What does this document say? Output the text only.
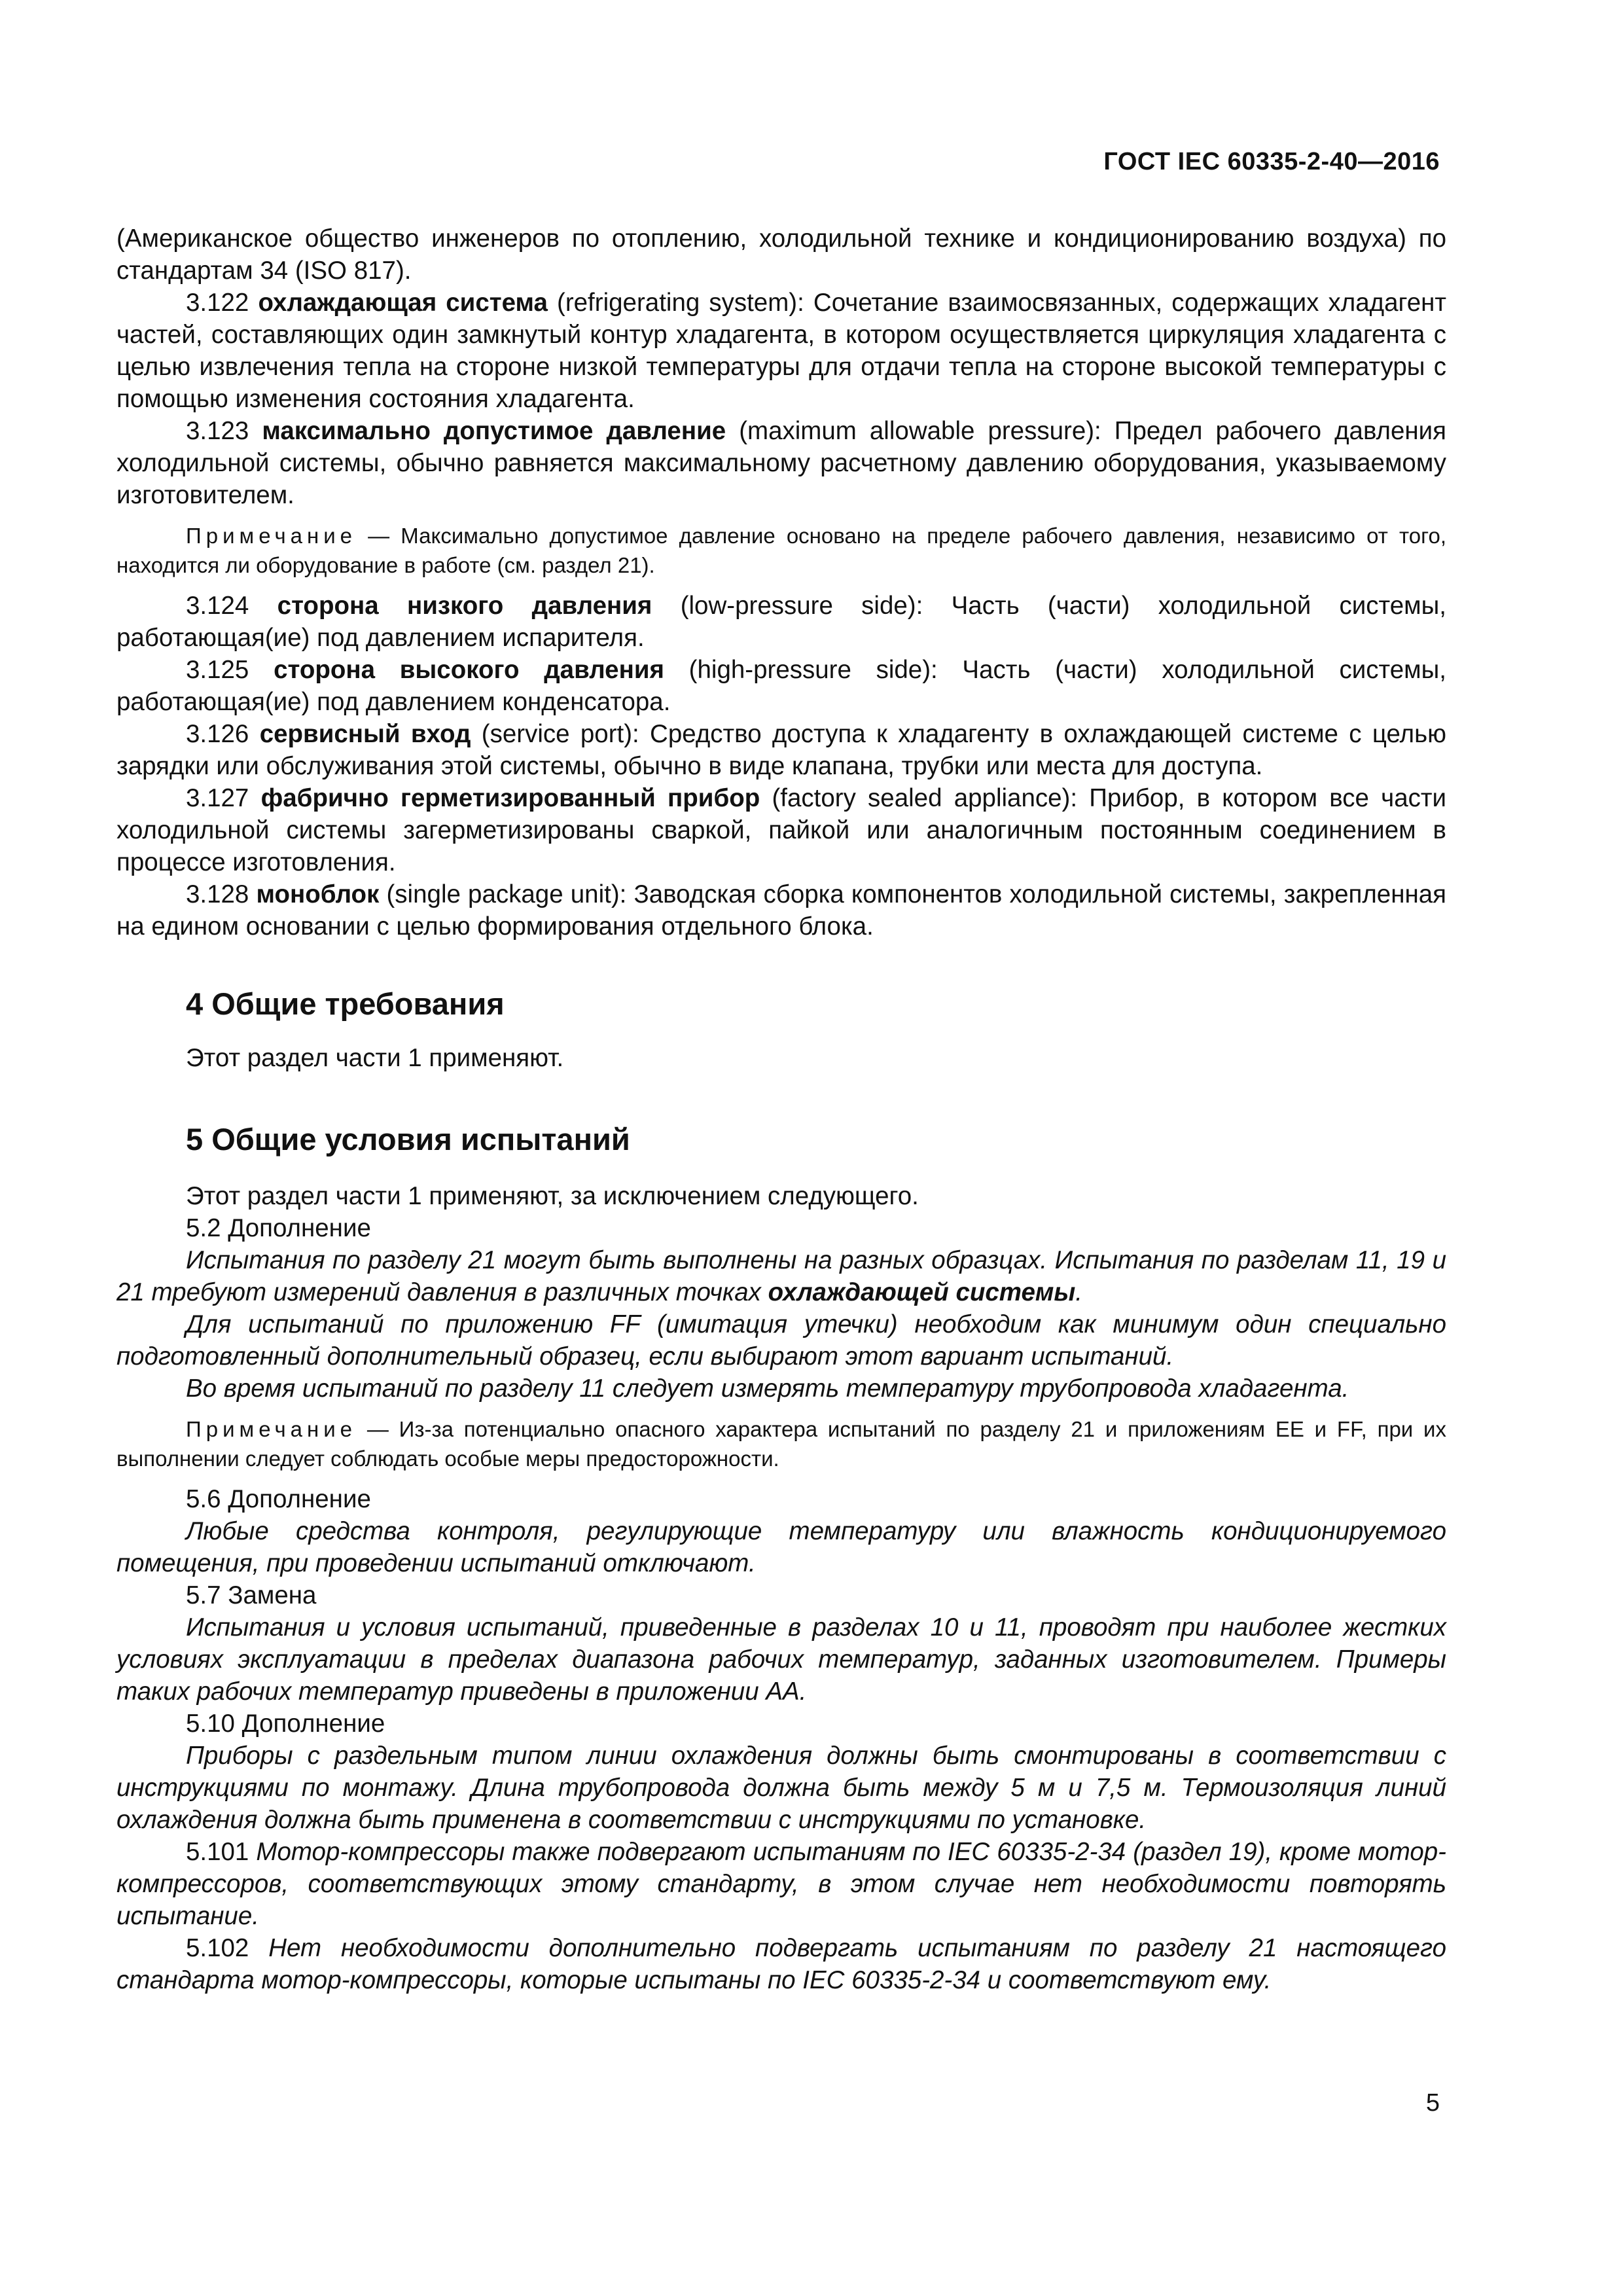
ГОСТ IEC 60335-2-40—2016

(Американское общество инженеров по отоплению, холодильной технике и кондиционированию воздуха) по стандартам 34 (ISO 817).

3.122 охлаждающая система (refrigerating system): Сочетание взаимосвязанных, содержащих хладагент частей, составляющих один замкнутый контур хладагента, в котором осуществляется циркуляция хладагента с целью извлечения тепла на стороне низкой температуры для отдачи тепла на стороне высокой температуры с помощью изменения состояния хладагента.

3.123 максимально допустимое давление (maximum allowable pressure): Предел рабочего давления холодильной системы, обычно равняется максимальному расчетному давлению оборудования, указываемому изготовителем.

Примечание — Максимально допустимое давление основано на пределе рабочего давления, независимо от того, находится ли оборудование в работе (см. раздел 21).

3.124 сторона низкого давления (low-pressure side): Часть (части) холодильной системы, работающая(ие) под давлением испарителя.

3.125 сторона высокого давления (high-pressure side): Часть (части) холодильной системы, работающая(ие) под давлением конденсатора.

3.126 сервисный вход (service port): Средство доступа к хладагенту в охлаждающей системе с целью зарядки или обслуживания этой системы, обычно в виде клапана, трубки или места для доступа.

3.127 фабрично герметизированный прибор (factory sealed appliance): Прибор, в котором все части холодильной системы загерметизированы сваркой, пайкой или аналогичным постоянным соединением в процессе изготовления.

3.128 моноблок (single package unit): Заводская сборка компонентов холодильной системы, закрепленная на едином основании с целью формирования отдельного блока.

4 Общие требования

Этот раздел части 1 применяют.

5 Общие условия испытаний

Этот раздел части 1 применяют, за исключением следующего.

5.2 Дополнение

Испытания по разделу 21 могут быть выполнены на разных образцах. Испытания по разделам 11, 19 и 21 требуют измерений давления в различных точках охлаждающей системы.

Для испытаний по приложению FF (имитация утечки) необходим как минимум один специально подготовленный дополнительный образец, если выбирают этот вариант испытаний.

Во время испытаний по разделу 11 следует измерять температуру трубопровода хладагента.

Примечание — Из-за потенциально опасного характера испытаний по разделу 21 и приложениям EE и FF, при их выполнении следует соблюдать особые меры предосторожности.

5.6 Дополнение

Любые средства контроля, регулирующие температуру или влажность кондиционируемого помещения, при проведении испытаний отключают.

5.7 Замена

Испытания и условия испытаний, приведенные в разделах 10 и 11, проводят при наиболее жестких условиях эксплуатации в пределах диапазона рабочих температур, заданных изготовителем. Примеры таких рабочих температур приведены в приложении АА.

5.10 Дополнение

Приборы с раздельным типом линии охлаждения должны быть смонтированы в соответствии с инструкциями по монтажу. Длина трубопровода должна быть между 5 м и 7,5 м. Термоизоляция линий охлаждения должна быть применена в соответствии с инструкциями по установке.

5.101 Мотор-компрессоры также подвергают испытаниям по IEC 60335-2-34 (раздел 19), кроме мотор-компрессоров, соответствующих этому стандарту, в этом случае нет необходимости повторять испытание.

5.102 Нет необходимости дополнительно подвергать испытаниям по разделу 21 настоящего стандарта мотор-компрессоры, которые испытаны по IEC 60335-2-34 и соответствуют ему.

5
